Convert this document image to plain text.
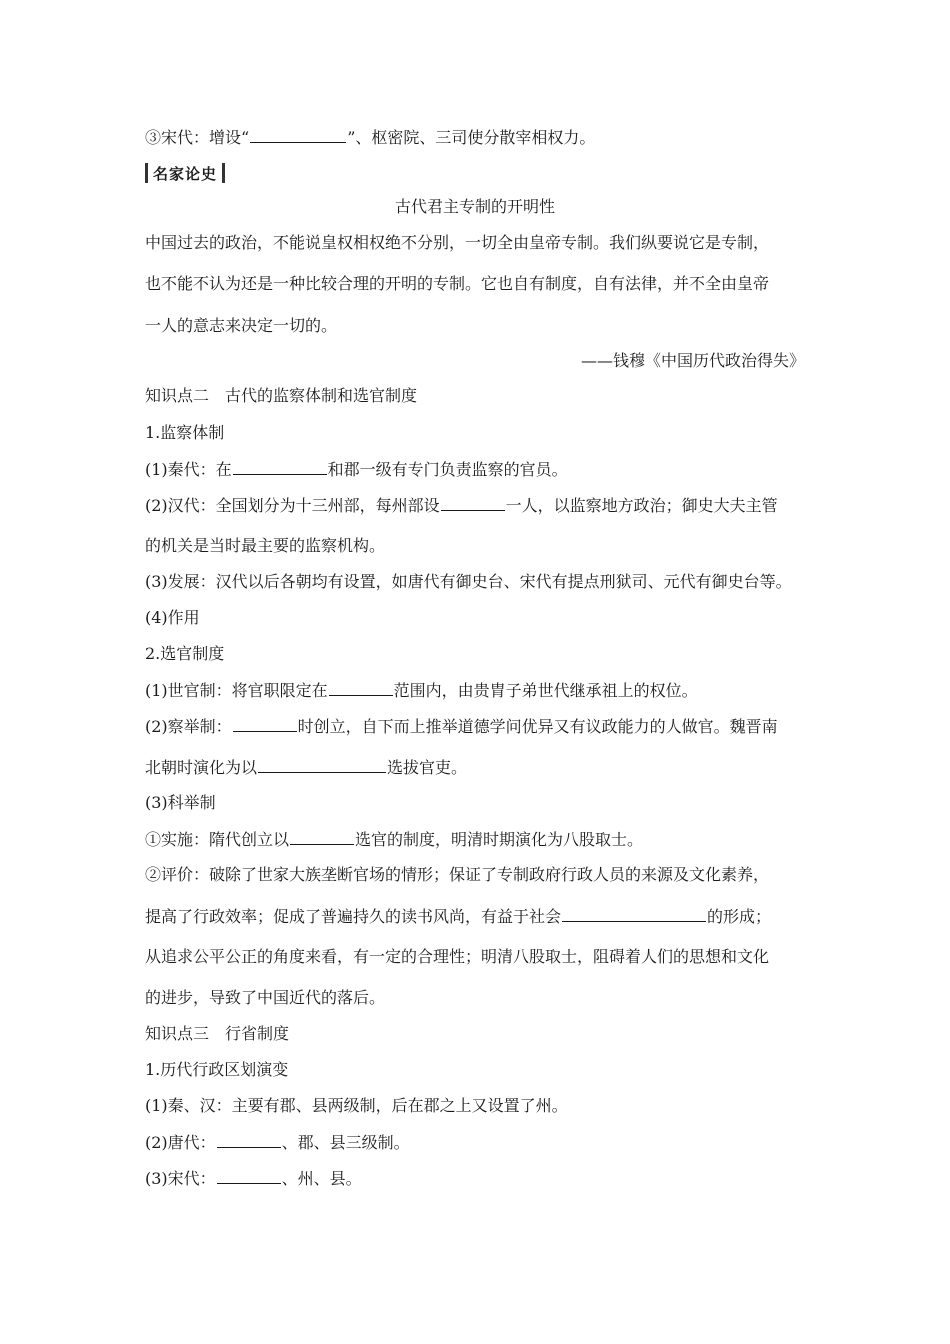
③宋代：增设“	”、枢密院、三司使分散宰相权力。
名家论史
古代君主专制的开明性
中国过去的政治，不能说皇权相权绝不分别，一切全由皇帝专制。我们纵要说它是专制，
也不能不认为还是一种比较合理的开明的专制。它也自有制度，自有法律，并不全由皇帝
一人的意志来决定一切的。
——钱穆《中国历代政治得失》
知识点二　古代的监察体制和选官制度
1.监察体制
(1)秦代：在	和郡一级有专门负责监察的官员。
(2)汉代：全国划分为十三州部，每州部设	一人，以监察地方政治；御史大夫主管
的机关是当时最主要的监察机构。
(3)发展：汉代以后各朝均有设置，如唐代有御史台、宋代有提点刑狱司、元代有御史台等。
(4)作用
2.选官制度
(1)世官制：将官职限定在	范围内，由贵胄子弟世代继承祖上的权位。
(2)察举制：	时创立，自下而上推举道德学问优异又有议政能力的人做官。魏晋南
北朝时演化为以	选拔官吏。
(3)科举制
①实施：隋代创立以	选官的制度，明清时期演化为八股取士。
②评价：破除了世家大族垄断官场的情形；保证了专制政府行政人员的来源及文化素养，
提高了行政效率；促成了普遍持久的读书风尚，有益于社会	的形成；
从追求公平公正的角度来看，有一定的合理性；明清八股取士，阻碍着人们的思想和文化
的进步，导致了中国近代的落后。
知识点三　行省制度
1.历代行政区划演变
(1)秦、汉：主要有郡、县两级制，后在郡之上又设置了州。
(2)唐代：	、郡、县三级制。
(3)宋代：	、州、县。
